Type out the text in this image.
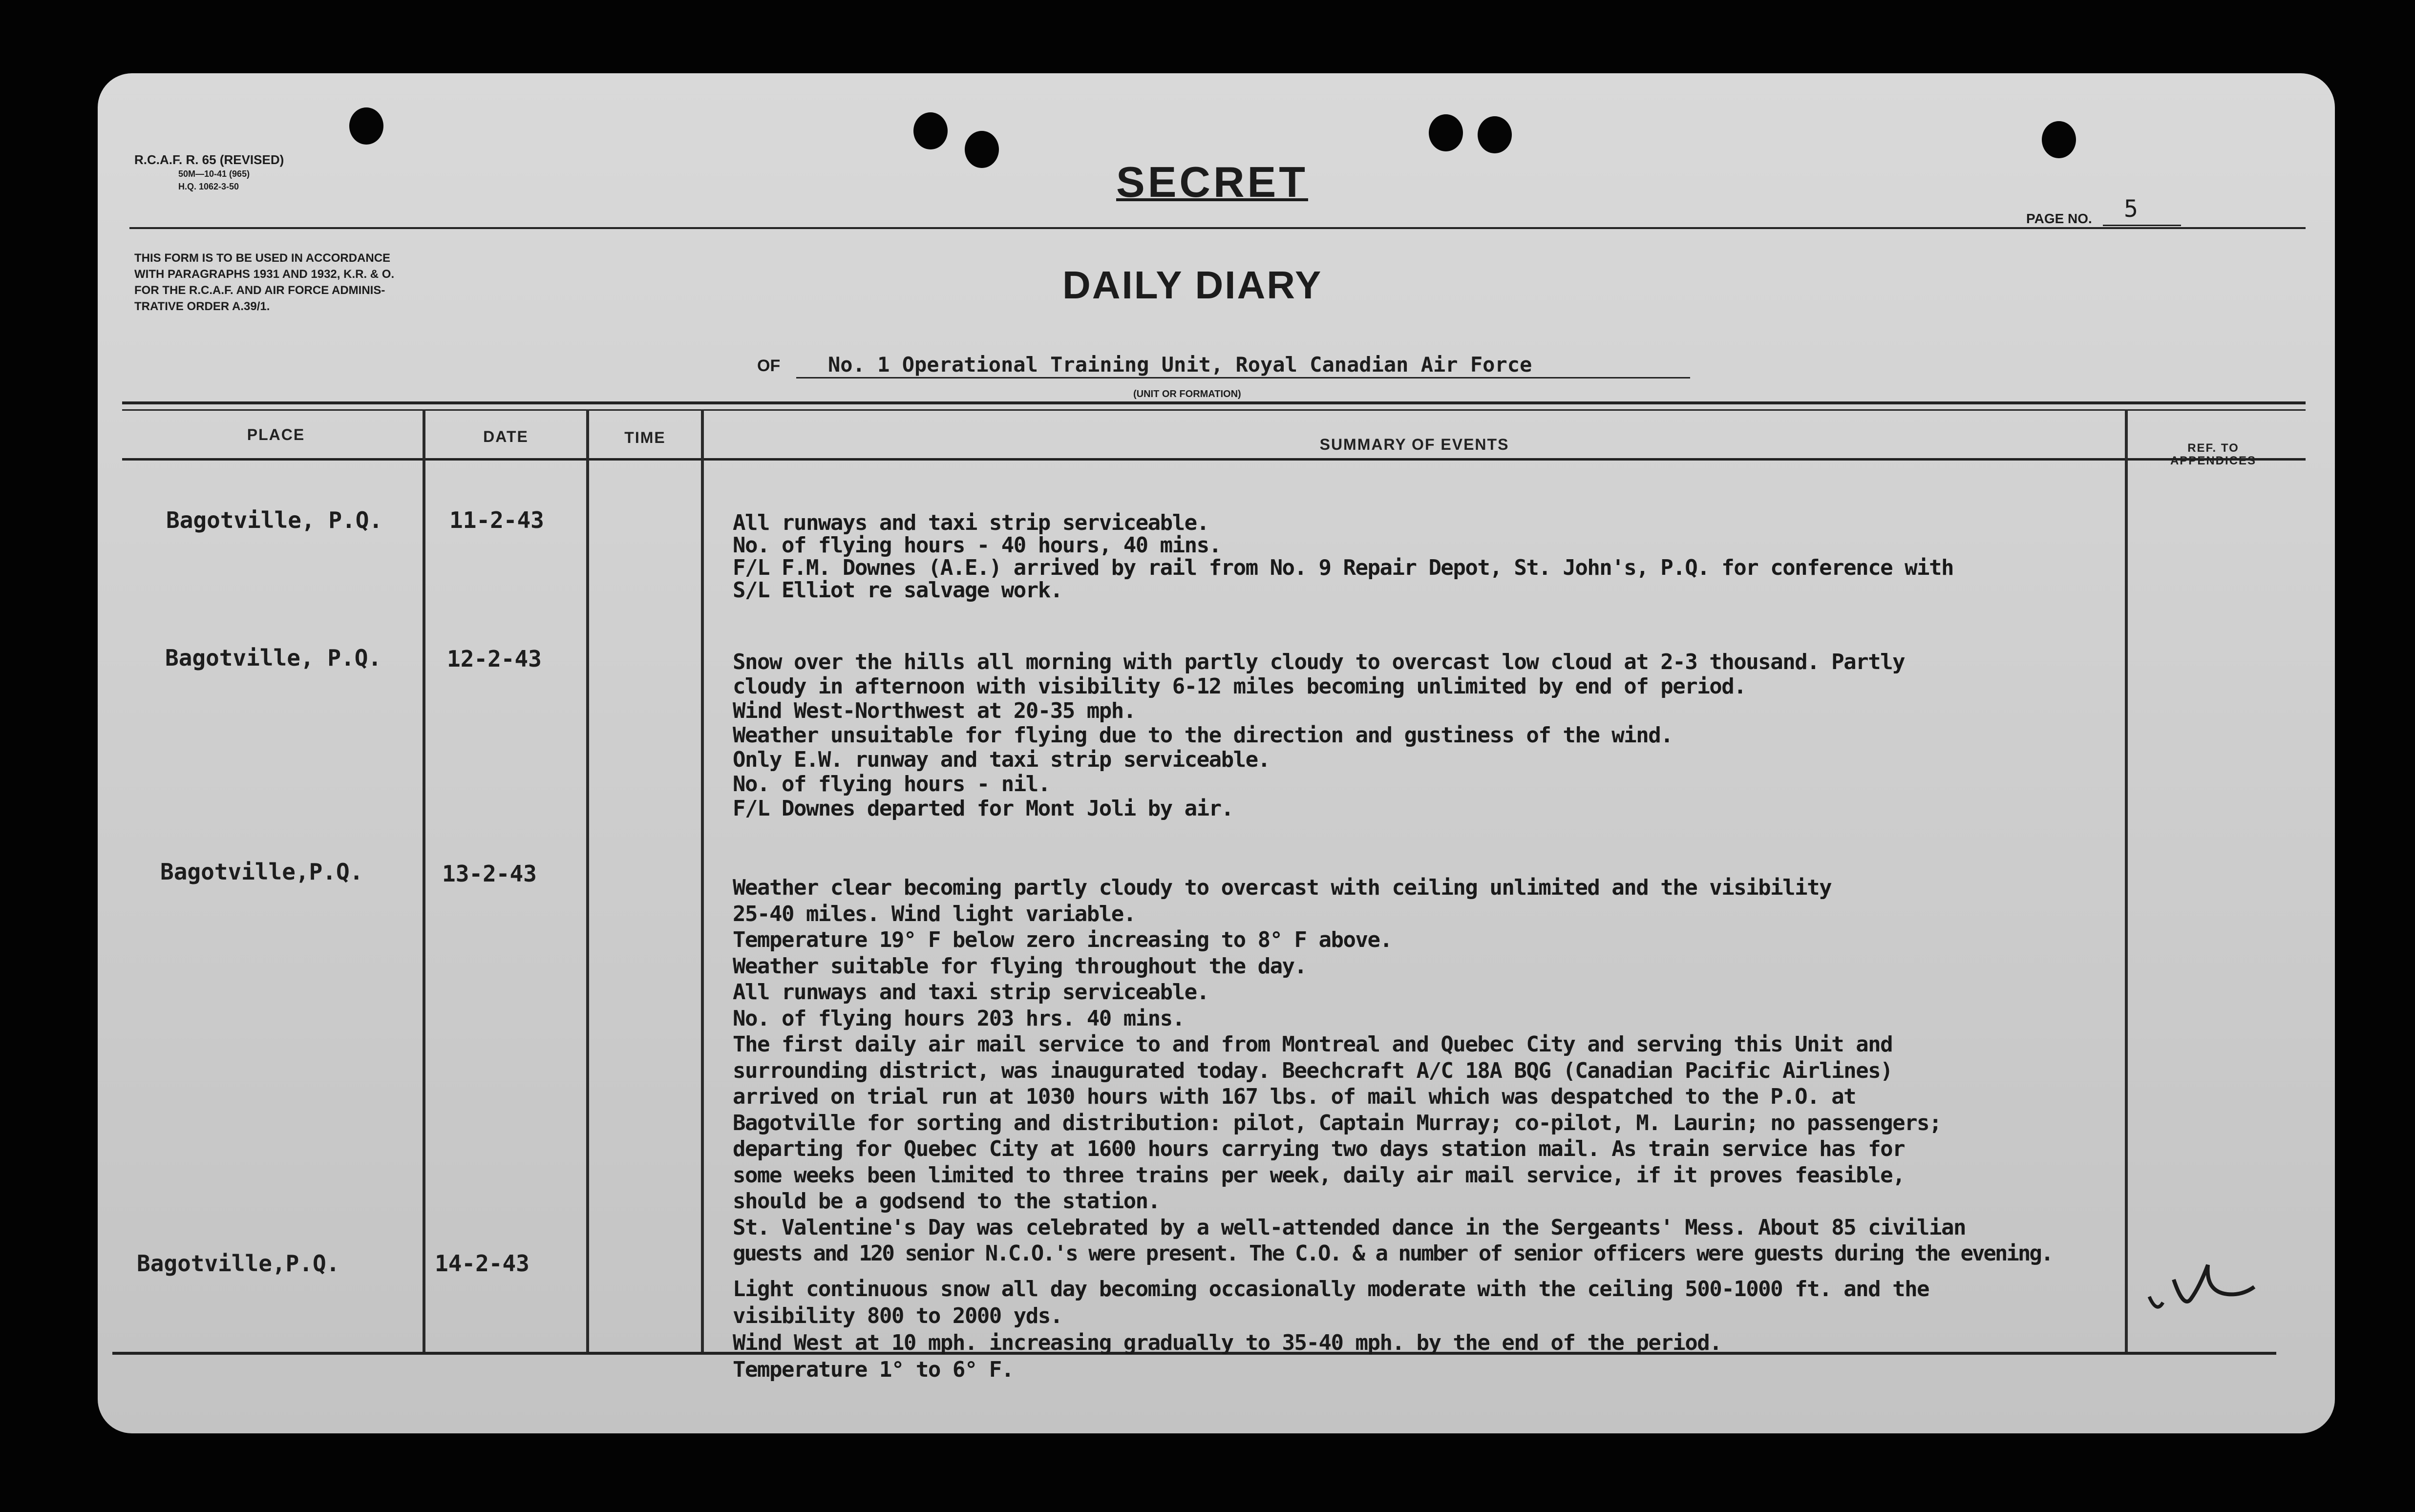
R.C.A.F. R. 65 (REVISED)
50M—10-41 (965)
H.Q. 1062-3-50	SECRET
PAGE NO. 5
THIS FORM IS TO BE USED IN ACCORDANCE
WITH PARAGRAPHS 1931 AND 1932, K.R. & O.
FOR THE R.C.A.F. AND AIR FORCE ADMINIS-
TRATIVE ORDER A.39/1.	DAILY DIARY
OF No. 1 Operational Training Unit, Royal Canadian Air Force
(UNIT OR FORMATION)
PLACE	DATE	TIME	SUMMARY OF EVENTS	REF. TO
APPENDICES
Bagotville, P.Q.	11-2-43	All runways and taxi strip serviceable.
No. of flying hours - 40 hours, 40 mins.
F/L F.M. Downes (A.E.) arrived by rail from No. 9 Repair Depot, St. John's, P.Q. for conference with
S/L Elliot re salvage work.
Bagotville, P.Q.	12-2-43	Snow over the hills all morning with partly cloudy to overcast low cloud at 2-3 thousand. Partly
cloudy in afternoon with visibility 6-12 miles becoming unlimited by end of period.
Wind West-Northwest at 20-35 mph.
Weather unsuitable for flying due to the direction and gustiness of the wind.
Only E.W. runway and taxi strip serviceable.
No. of flying hours - nil.
F/L Downes departed for Mont Joli by air.
Bagotville,P.Q.	13-2-43
Weather clear becoming partly cloudy to overcast with ceiling unlimited and the visibility
25-40 miles. Wind light variable.
Temperature 19° F below zero increasing to 8° F above.
Weather suitable for flying throughout the day.
All runways and taxi strip serviceable.
No. of flying hours 203 hrs. 40 mins.
The first daily air mail service to and from Montreal and Quebec City and serving this Unit and
surrounding district, was inaugurated today. Beechcraft A/C 18A BQG (Canadian Pacific Airlines)
arrived on trial run at 1030 hours with 167 lbs. of mail which was despatched to the P.O. at
Bagotville for sorting and distribution: pilot, Captain Murray; co-pilot, M. Laurin; no passengers;
departing for Quebec City at 1600 hours carrying two days station mail. As train service has for
some weeks been limited to three trains per week, daily air mail service, if it proves feasible,
should be a godsend to the station.
St. Valentine's Day was celebrated by a well-attended dance in the Sergeants' Mess. About 85 civilian
guests and 120 senior N.C.O.'s were present. The C.O. & a number of senior officers were guests during the evening.
Bagotville,P.Q.	14-2-43
Light continuous snow all day becoming occasionally moderate with the ceiling 500-1000 ft. and the
visibility 800 to 2000 yds.
Wind West at 10 mph. increasing gradually to 35-40 mph. by the end of the period.
Temperature 1° to 6° F.
